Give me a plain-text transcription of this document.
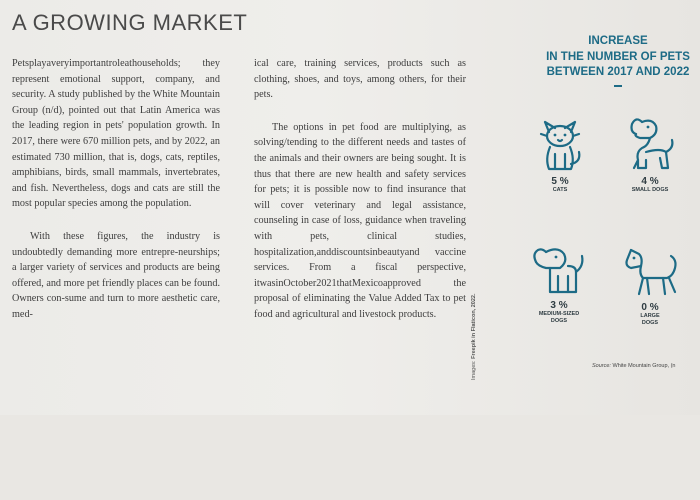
A GROWING MARKET

Petsplayaveryimportantroleathouseholds; they represent emotional support, company, and security. A study published by the White Mountain Group (n/d), pointed out that Latin America was the leading region in pets' population growth. In 2017, there were 670 million pets, and by 2022, an estimated 730 million, that is, dogs, cats, reptiles, amphibians, birds, small mammals, invertebrates, and fish. Nevertheless, dogs and cats are still the most popular species among the population.

With these figures, the industry is undoubtedly demanding more entrepre-neurships; a larger variety of services and products are being offered, and more pet friendly places can be found. Owners con-sume and turn to more aesthetic care, med-

ical care, training services, products such as clothing, shoes, and toys, among others, for their pets.

The options in pet food are multiplying, as solving/tending to the different needs and tastes of the animals and their owners are being sought. It is thus that there are new health and safety services for pets; it is possible now to find insurance that will cover veterinary and legal assistance, counseling in case of loss, guidance when traveling with pets, clinical studies, hospitalization,anddiscountsinbeautyand vaccine services. From a fiscal perspective, itwasinOctober2021thatMexicoapproved the proposal of eliminating the Value Added Tax to pet food and agricultural and livestock products.

Images: Freepik in Flaticon, 2022.
INCREASE
IN THE NUMBER OF PETS
BETWEEN 2017 AND 2022
5 %
CATS
4 %
SMALL DOGS
3 %
MEDIUM-SIZED
DOGS
0 %
LARGE
DOGS
Source: White Mountain Group, (n
